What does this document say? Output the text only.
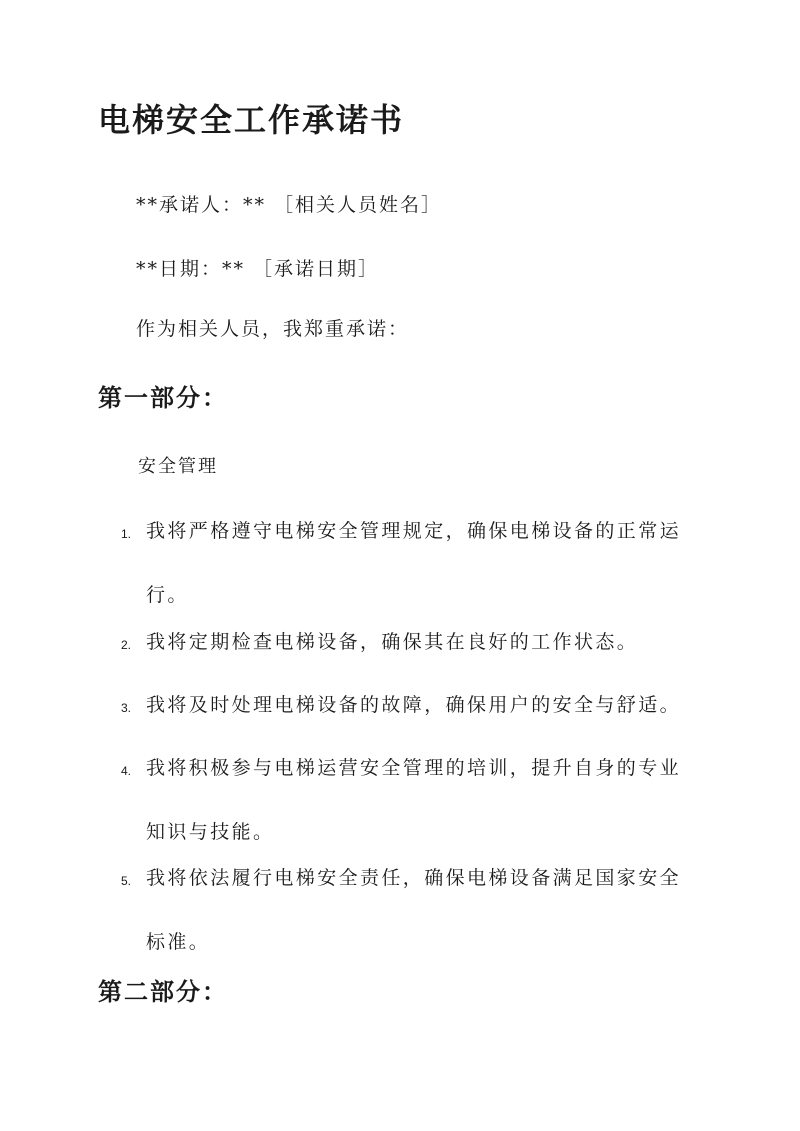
电梯安全工作承诺书

**承诺人：** ［相关人员姓名］

**日期：** ［承诺日期］

作为相关人员，我郑重承诺：

第一部分：

安全管理

1. 我将严格遵守电梯安全管理规定，确保电梯设备的正常运行。
2. 我将定期检查电梯设备，确保其在良好的工作状态。
3. 我将及时处理电梯设备的故障，确保用户的安全与舒适。
4. 我将积极参与电梯运营安全管理的培训，提升自身的专业知识与技能。
5. 我将依法履行电梯安全责任，确保电梯设备满足国家安全标准。
第二部分：
